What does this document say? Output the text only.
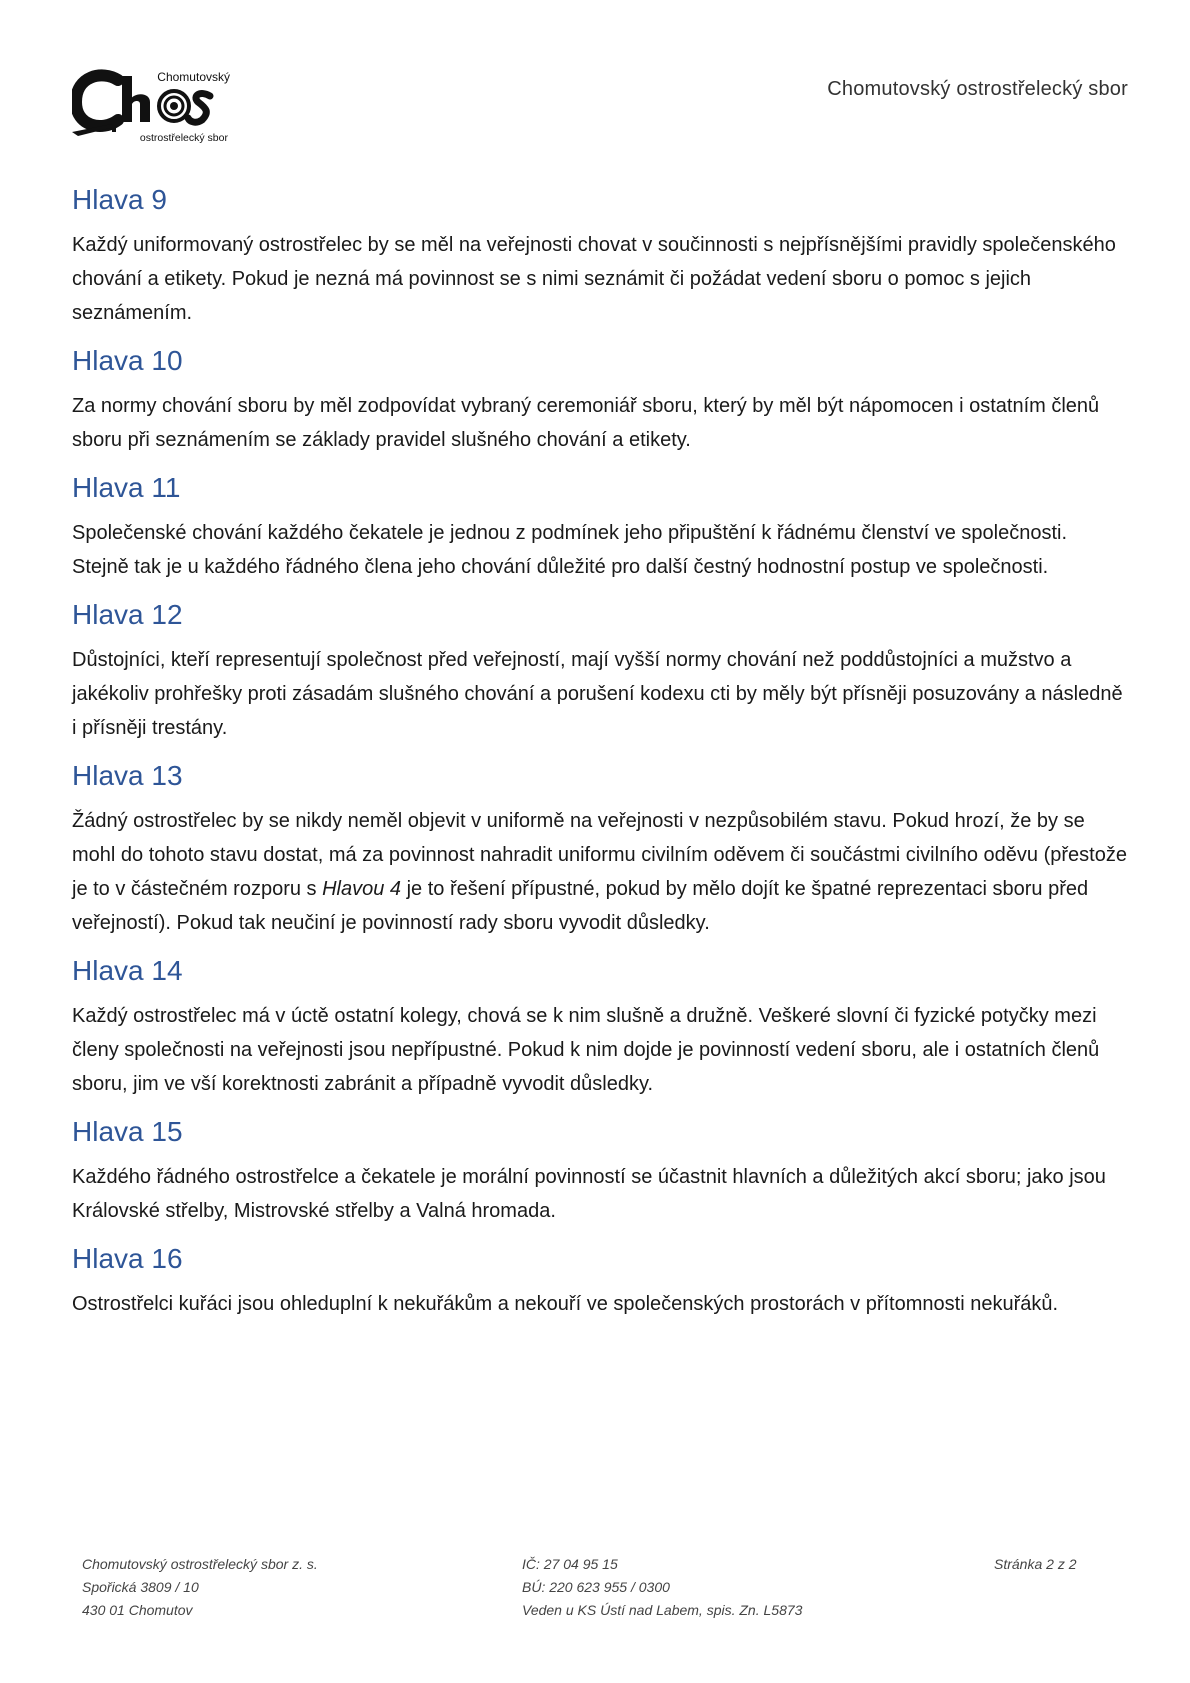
Chomutovský
ostrostřelecký sbor
Chomutovský ostrostřelecký sbor
Hlava 9

Každý uniformovaný ostrostřelec by se měl na veřejnosti chovat v součinnosti s nejpřísnějšími pravidly společenského chování a etikety. Pokud je nezná má povinnost se s nimi seznámit či požádat vedení sboru o pomoc s jejich seznámením.

Hlava 10

Za normy chování sboru by měl zodpovídat vybraný ceremoniář sboru, který by měl být nápomocen i ostatním členů sboru při seznámením se základy pravidel slušného chování a etikety.

Hlava 11

Společenské chování každého čekatele je jednou z podmínek jeho připuštění k řádnému členství ve společnosti. Stejně tak je u každého řádného člena jeho chování důležité pro další čestný hodnostní postup ve společnosti.

Hlava 12

Důstojníci, kteří representují společnost před veřejností, mají vyšší normy chování než poddůstojníci a mužstvo a jakékoliv prohřešky proti zásadám slušného chování a porušení kodexu cti by měly být přísněji posuzovány a následně i přísněji trestány.

Hlava 13

Žádný ostrostřelec by se nikdy neměl objevit v uniformě na veřejnosti v nezpůsobilém stavu. Pokud hrozí, že by se mohl do tohoto stavu dostat, má za povinnost nahradit uniformu civilním oděvem či součástmi civilního oděvu (přestože je to v částečném rozporu s Hlavou 4 je to řešení přípustné, pokud by mělo dojít ke špatné reprezentaci sboru před veřejností). Pokud tak neučiní je povinností rady sboru vyvodit důsledky.

Hlava 14

Každý ostrostřelec má v úctě ostatní kolegy, chová se k nim slušně a družně. Veškeré slovní či fyzické potyčky mezi členy společnosti na veřejnosti jsou nepřípustné. Pokud k nim dojde je povinností vedení sboru, ale i ostatních členů sboru, jim ve vší korektnosti zabránit a případně vyvodit důsledky.

Hlava 15

Každého řádného ostrostřelce a čekatele je morální povinností se účastnit hlavních a důležitých akcí sboru; jako jsou Královské střelby, Mistrovské střelby a Valná hromada.

Hlava 16

Ostrostřelci kuřáci jsou ohleduplní k nekuřákům a nekouří ve společenských prostorách v přítomnosti nekuřáků.

Chomutovský ostrostřelecký sbor z. s.
Spořická 3809 / 10
430 01 Chomutov
IČ: 27 04 95 15
BÚ: 220 623 955 / 0300
Veden u KS Ústí nad Labem, spis. Zn. L5873
Stránka 2 z 2
